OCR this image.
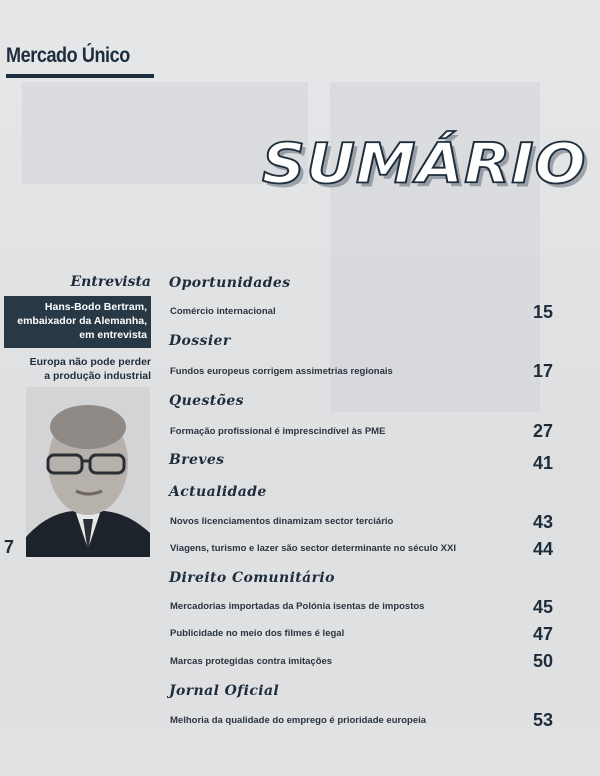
Mercado Único
SUMÁRIO
Entrevista
Hans-Bodo Bertram,
embaixador da Alemanha,
em entrevista
Europa não pode perder
a produção industrial
7
Oportunidades
Comércio internacional	15
Dossier
Fundos europeus corrigem assimetrias regionais	17
Questões
Formação profissional é imprescindível às PME	27
Breves	41
Actualidade
Novos licenciamentos dinamizam sector terciário	43
Viagens, turismo e lazer são sector determinante no século XXI	44
Direito Comunitário
Mercadorias importadas da Polónia isentas de impostos	45
Publicidade no meio dos filmes é legal	47
Marcas protegidas contra imitações	50
Jornal Oficial
Melhoria da qualidade do emprego é prioridade europeia	53
